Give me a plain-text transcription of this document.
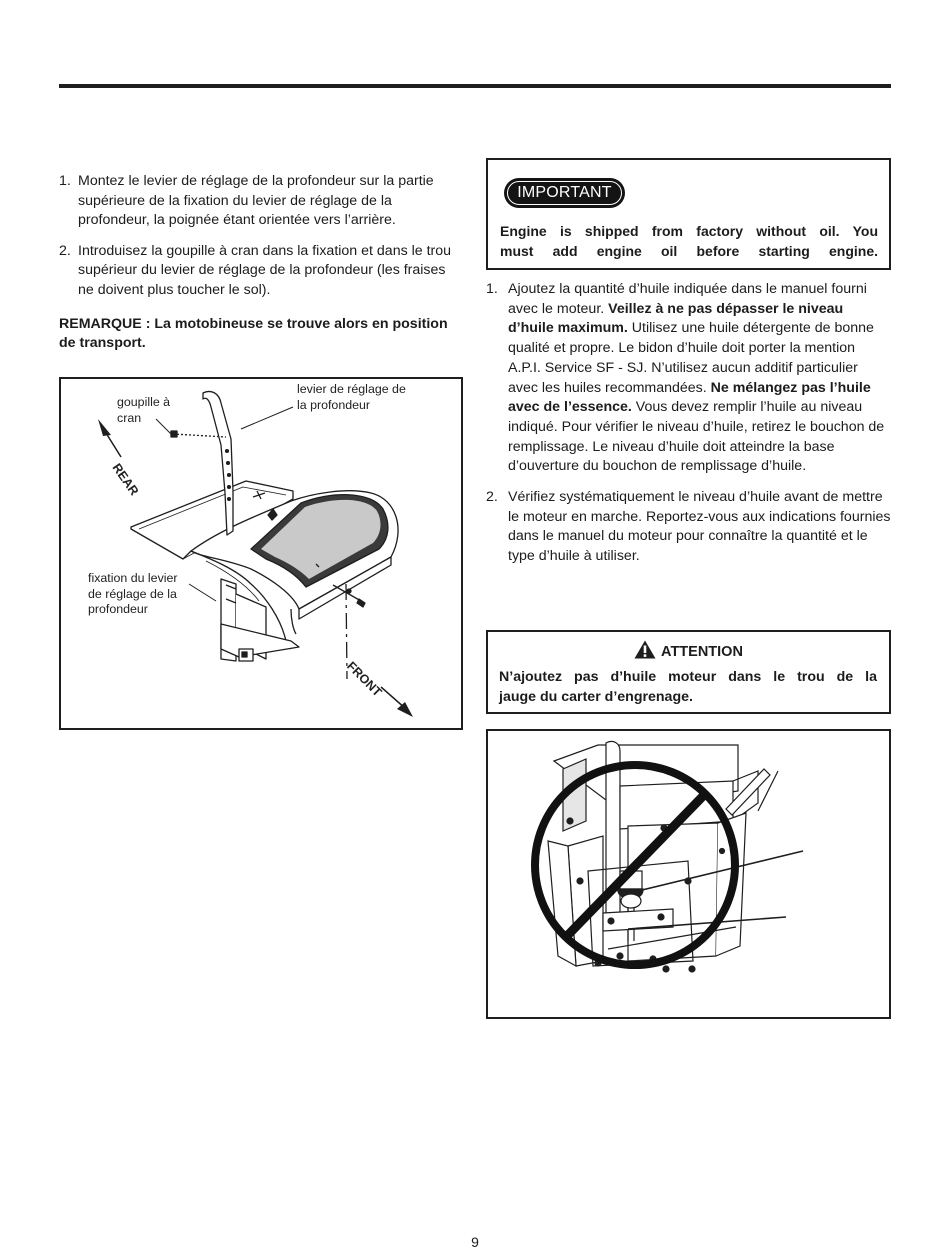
1. Montez le levier de réglage de la profondeur sur la partie supérieure de la fixation du levier de réglage de la profondeur, la poignée étant orientée vers l’arrière.
2. Introduisez la goupille à cran dans la fixation et dans le trou supérieur du levier de réglage de la profondeur (les fraises ne doivent plus toucher le sol).
REMARQUE : La motobineuse se trouve alors en position de transport.
goupille à
cran
levier de réglage de
la profondeur
fixation du levier
de réglage de la
profondeur
REAR
FRONT
IMPORTANT
Engine is shipped from factory without oil. You
must add engine oil before starting engine.
1. Ajoutez la quantité d’huile indiquée dans le manuel fourni avec le moteur. Veillez à ne pas dépasser le niveau d’huile maximum. Utilisez une huile détergente de bonne qualité et propre. Le bidon d’huile doit porter la mention A.P.I. Service SF - SJ. N’utilisez aucun additif particulier avec les huiles recommandées. Ne mélangez pas l’huile avec de l’essence. Vous devez remplir l’huile au niveau indiqué. Pour vérifier le niveau d’huile, retirez le bouchon de remplissage. Le niveau d’huile doit atteindre la base d’ouverture du bouchon de remplissage d’huile.
2. Vérifiez systématiquement le niveau d’huile avant de mettre le moteur en marche. Reportez-vous aux indications fournies dans le manuel du moteur pour connaître la quantité et le type d’huile à utiliser.
ATTENTION
N’ajoutez pas d’huile moteur dans le trou de la
jauge du carter d’engrenage.
9
